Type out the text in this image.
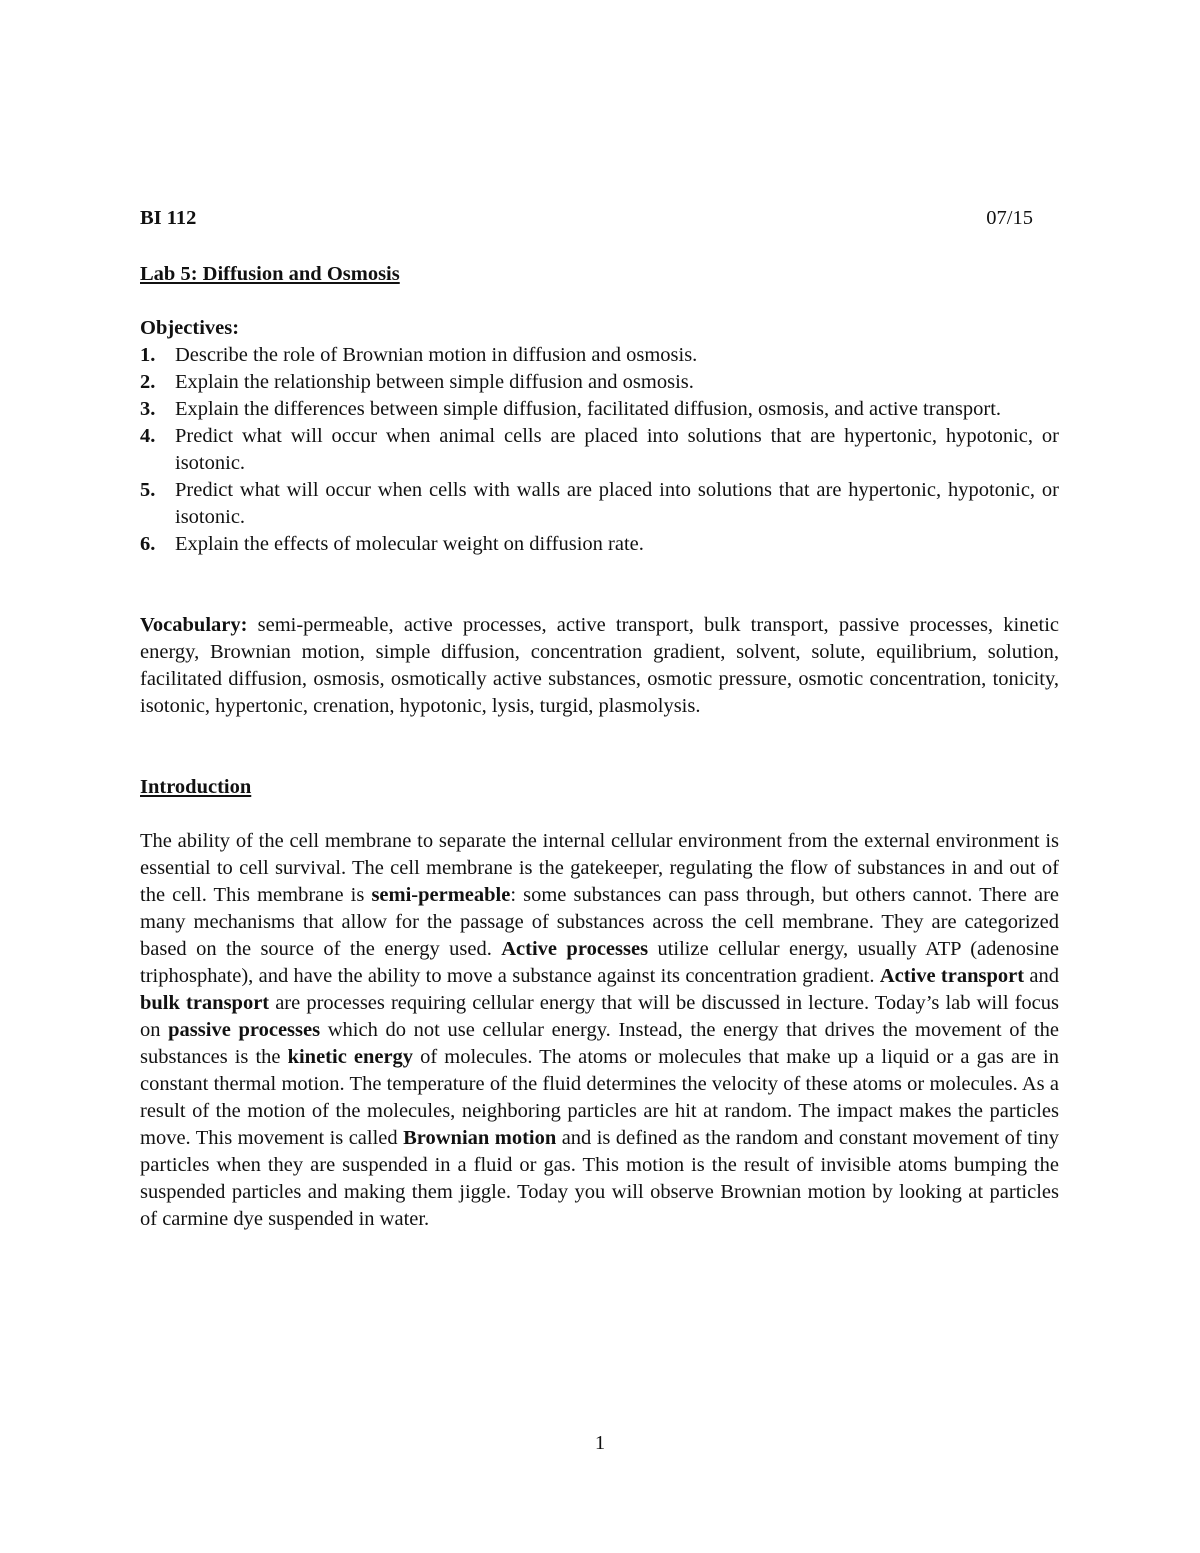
BI 112	07/15
Lab 5: Diffusion and Osmosis
Objectives:
1. Describe the role of Brownian motion in diffusion and osmosis.
2. Explain the relationship between simple diffusion and osmosis.
3. Explain the differences between simple diffusion, facilitated diffusion, osmosis, and active transport.
4. Predict what will occur when animal cells are placed into solutions that are hypertonic, hypotonic, or isotonic.
5. Predict what will occur when cells with walls are placed into solutions that are hypertonic, hypotonic, or isotonic.
6. Explain the effects of molecular weight on diffusion rate.

Vocabulary: semi-permeable, active processes, active transport, bulk transport, passive processes, kinetic energy, Brownian motion, simple diffusion, concentration gradient, solvent, solute, equilibrium, solution, facilitated diffusion, osmosis, osmotically active substances, osmotic pressure, osmotic concentration, tonicity, isotonic, hypertonic, crenation, hypotonic, lysis, turgid, plasmolysis.

Introduction

The ability of the cell membrane to separate the internal cellular environment from the external environment is essential to cell survival. The cell membrane is the gatekeeper, regulating the flow of substances in and out of the cell. This membrane is semi-permeable: some substances can pass through, but others cannot. There are many mechanisms that allow for the passage of substances across the cell membrane. They are categorized based on the source of the energy used. Active processes utilize cellular energy, usually ATP (adenosine triphosphate), and have the ability to move a substance against its concentration gradient. Active transport and bulk transport are processes requiring cellular energy that will be discussed in lecture. Today’s lab will focus on passive processes which do not use cellular energy. Instead, the energy that drives the movement of the substances is the kinetic energy of molecules. The atoms or molecules that make up a liquid or a gas are in constant thermal motion. The temperature of the fluid determines the velocity of these atoms or molecules. As a result of the motion of the molecules, neighboring particles are hit at random. The impact makes the particles move. This movement is called Brownian motion and is defined as the random and constant movement of tiny particles when they are suspended in a fluid or gas. This motion is the result of invisible atoms bumping the suspended particles and making them jiggle. Today you will observe Brownian motion by looking at particles of carmine dye suspended in water.

1
